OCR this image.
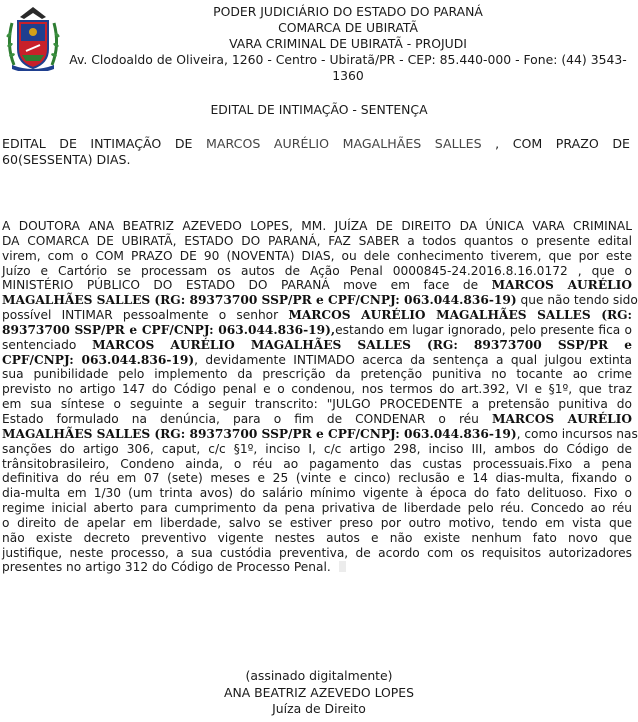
PODER JUDICIÁRIO DO ESTADO DO PARANÁ
COMARCA DE UBIRATÃ
VARA CRIMINAL DE UBIRATÃ - PROJUDI
Av. Clodoaldo de Oliveira, 1260 - Centro - Ubiratã/PR - CEP: 85.440-000 - Fone: (44) 3543-1360
EDITAL DE INTIMAÇÃO - SENTENÇA
EDITAL DE INTIMAÇÃO DE MARCOS AURÉLIO MAGALHÃES SALLES , COM PRAZO DE
60(SESSENTA) DIAS.
A DOUTORA ANA BEATRIZ AZEVEDO LOPES, MM. JUÍZA DE DIREITO DA ÚNICA VARA CRIMINAL
DA COMARCA DE UBIRATÃ, ESTADO DO PARANÁ, FAZ SABER a todos quantos o presente edital
virem, com o COM PRAZO DE 90 (NOVENTA) DIAS, ou dele conhecimento tiverem, que por este
Juízo e Cartório se processam os autos de Ação Penal 0000845-24.2016.8.16.0172 , que o
MINISTÉRIO PÚBLICO DO ESTADO DO PARANÁ move em face de MARCOS AURÉLIO
MAGALHÃES SALLES (RG: 89373700 SSP/PR e CPF/CNPJ: 063.044.836-19) que não tendo sido
possível INTIMAR pessoalmente o senhor MARCOS AURÉLIO MAGALHÃES SALLES (RG:
89373700 SSP/PR e CPF/CNPJ: 063.044.836-19),estando em lugar ignorado, pelo presente fica o
sentenciado MARCOS AURÉLIO MAGALHÃES SALLES (RG: 89373700 SSP/PR e
CPF/CNPJ: 063.044.836-19), devidamente INTIMADO acerca da sentença a qual julgou extinta
sua punibilidade pelo implemento da prescrição da pretenção punitiva no tocante ao crime
previsto no artigo 147 do Código penal e o condenou, nos termos do art.392, VI e §1º, que traz
em sua síntese o seguinte a seguir transcrito: "JULGO PROCEDENTE a pretensão punitiva do
Estado formulado na denúncia, para o fim de CONDENAR o réu MARCOS AURÉLIO
MAGALHÃES SALLES (RG: 89373700 SSP/PR e CPF/CNPJ: 063.044.836-19), como incursos nas
sanções do artigo 306, caput, c/c §1º, inciso I, c/c artigo 298, inciso III, ambos do Código de
trânsitobrasileiro, Condeno ainda, o réu ao pagamento das custas processuais.Fixo a pena
definitiva do réu em 07 (sete) meses e 25 (vinte e cinco) reclusão e 14 dias-multa, fixando o
dia-multa em 1/30 (um trinta avos) do salário mínimo vigente à época do fato delituoso. Fixo o
regime inicial aberto para cumprimento da pena privativa de liberdade pelo réu. Concedo ao réu
o direito de apelar em liberdade, salvo se estiver preso por outro motivo, tendo em vista que
não existe decreto preventivo vigente nestes autos e não existe nenhum fato novo que
justifique, neste processo, a sua custódia preventiva, de acordo com os requisitos autorizadores
presentes no artigo 312 do Código de Processo Penal.
(assinado digitalmente)
ANA BEATRIZ AZEVEDO LOPES
Juíza de Direito
